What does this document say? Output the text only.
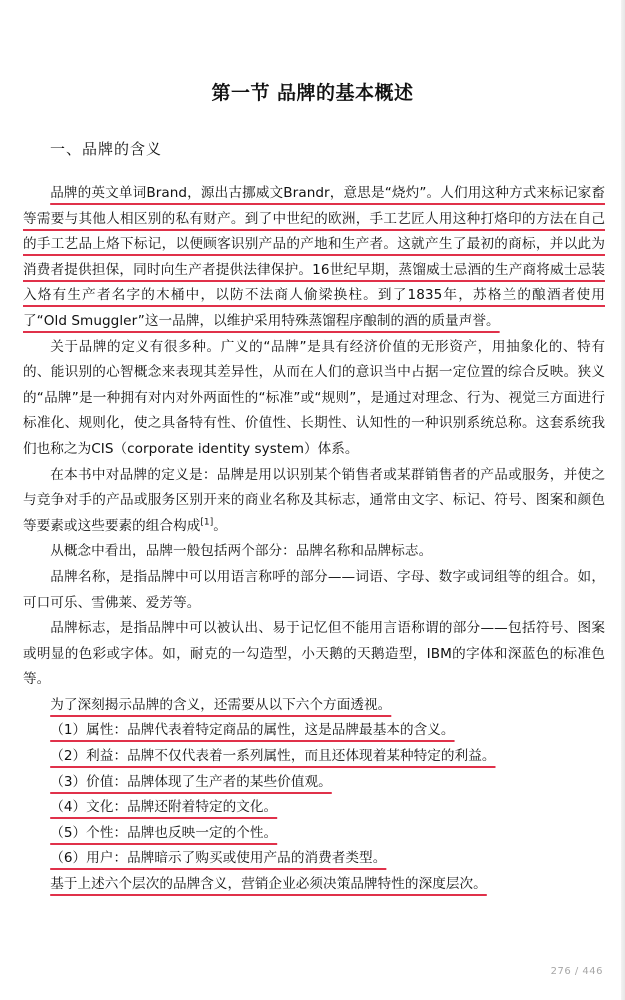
第一节 品牌的基本概述
一、品牌的含义

品牌的英文单词Brand，源出古挪威文Brandr，意思是“烧灼”。人们用这种方式来标记家畜等需要与其他人相区别的私有财产。到了中世纪的欧洲，手工艺匠人用这种打烙印的方法在自己的手工艺品上烙下标记，以便顾客识别产品的产地和生产者。这就产生了最初的商标，并以此为消费者提供担保，同时向生产者提供法律保护。16世纪早期，蒸馏威士忌酒的生产商将威士忌装入烙有生产者名字的木桶中，以防不法商人偷梁换柱。到了1835年，苏格兰的酿酒者使用了“Old Smuggler”这一品牌，以维护采用特殊蒸馏程序酿制的酒的质量声誉。

关于品牌的定义有很多种。广义的“品牌”是具有经济价值的无形资产，用抽象化的、特有的、能识别的心智概念来表现其差异性，从而在人们的意识当中占据一定位置的综合反映。狭义的“品牌”是一种拥有对内对外两面性的“标准”或“规则”，是通过对理念、行为、视觉三方面进行标准化、规则化，使之具备特有性、价值性、长期性、认知性的一种识别系统总称。这套系统我们也称之为CIS（corporate identity system）体系。

在本书中对品牌的定义是：品牌是用以识别某个销售者或某群销售者的产品或服务，并使之与竞争对手的产品或服务区别开来的商业名称及其标志，通常由文字、标记、符号、图案和颜色等要素或这些要素的组合构成[1]。

从概念中看出，品牌一般包括两个部分：品牌名称和品牌标志。

品牌名称，是指品牌中可以用语言称呼的部分——词语、字母、数字或词组等的组合。如，可口可乐、雪佛莱、爱芳等。

品牌标志，是指品牌中可以被认出、易于记忆但不能用言语称谓的部分——包括符号、图案或明显的色彩或字体。如，耐克的一勾造型，小天鹅的天鹅造型，IBM的字体和深蓝色的标准色等。

为了深刻揭示品牌的含义，还需要从以下六个方面透视。

（1）属性：品牌代表着特定商品的属性，这是品牌最基本的含义。

（2）利益：品牌不仅代表着一系列属性，而且还体现着某种特定的利益。

（3）价值：品牌体现了生产者的某些价值观。

（4）文化：品牌还附着特定的文化。

（5）个性：品牌也反映一定的个性。

（6）用户：品牌暗示了购买或使用产品的消费者类型。

基于上述六个层次的品牌含义，营销企业必须决策品牌特性的深度层次。

276 / 446
